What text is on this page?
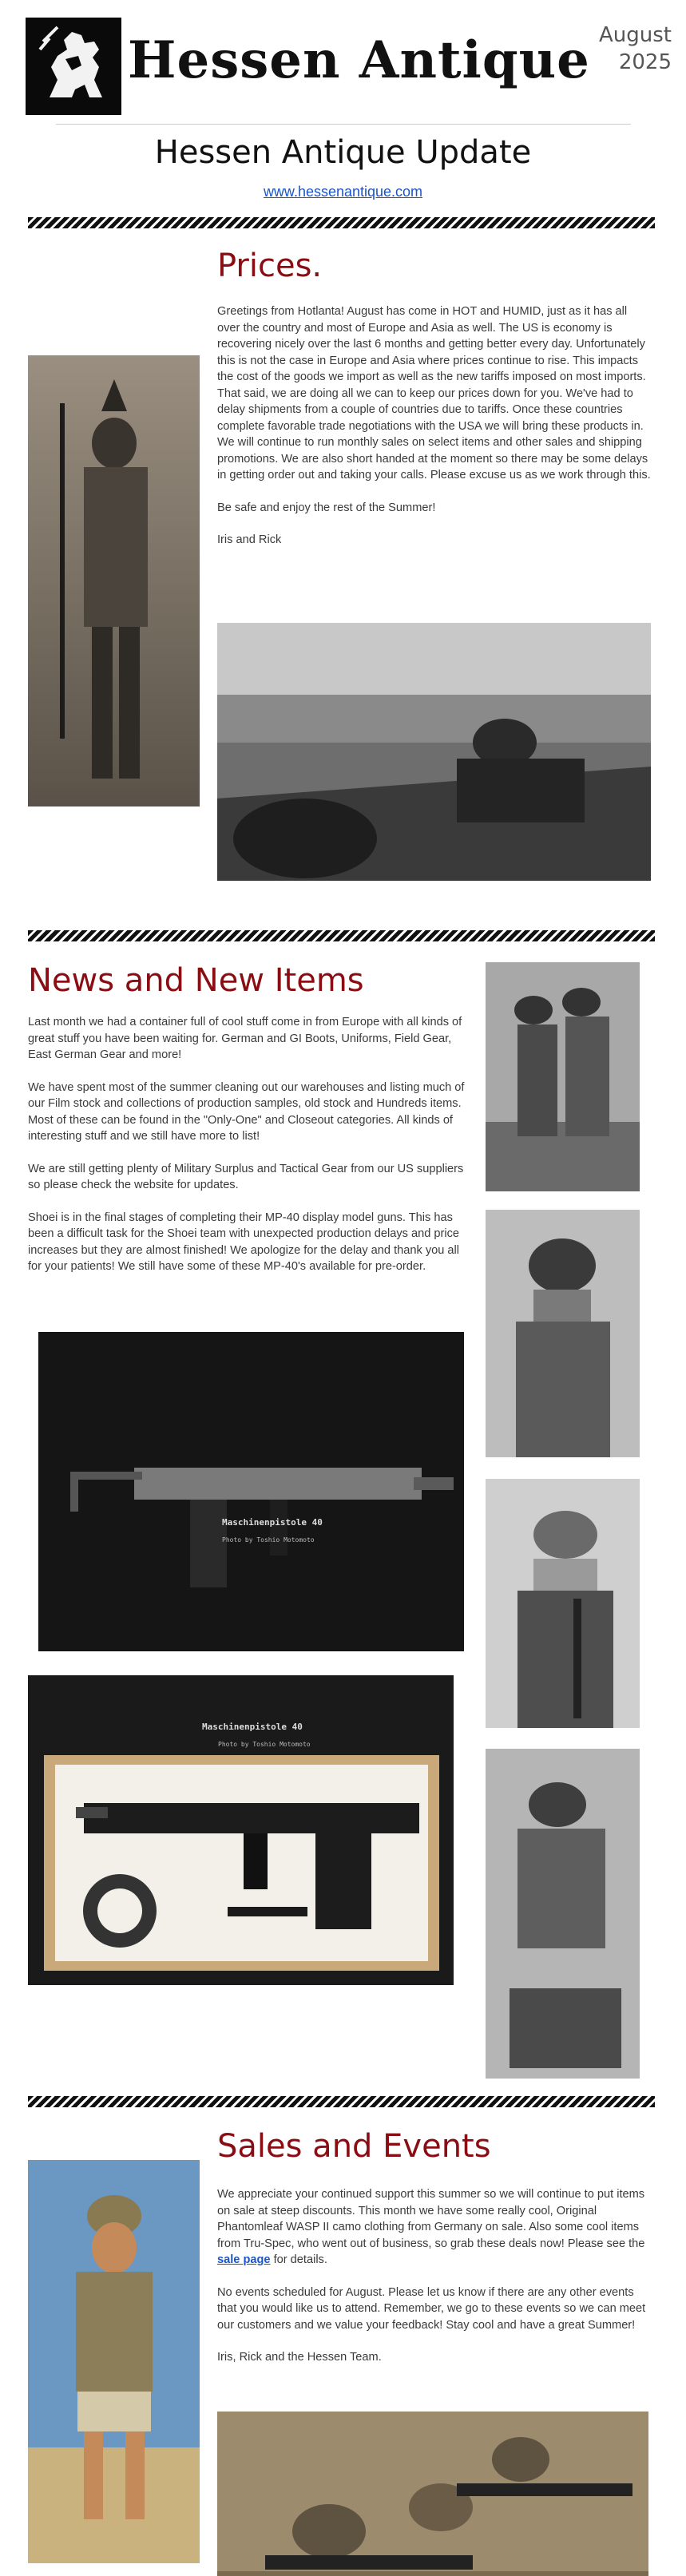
Hessen Antique August
2025
Hessen Antique Update
www.hessenantique.com
Prices.

Greetings from Hotlanta! August has come in HOT and HUMID, just as it has all over the country and most of Europe and Asia as well. The US is economy is recovering nicely over the last 6 months and getting better every day. Unfortunately this is not the case in Europe and Asia where prices continue to rise. This impacts the cost of the goods we import as well as the new tariffs imposed on most imports. That said, we are doing all we can to keep our prices down for you. We've had to delay shipments from a couple of countries due to tariffs. Once these countries complete favorable trade negotiations with the USA we will bring these products in. We will continue to run monthly sales on select items and other sales and shipping promotions. We are also short handed at the moment so there may be some delays in getting order out and taking your calls. Please excuse us as we work through this.

Be safe and enjoy the rest of the Summer!

Iris and Rick

News and New Items

Last month we had a container full of cool stuff come in from Europe with all kinds of great stuff you have been waiting for. German and GI Boots, Uniforms, Field Gear, East German Gear and more!

We have spent most of the summer cleaning out our warehouses and listing much of our Film stock and collections of production samples, old stock and Hundreds items. Most of these can be found in the "Only-One" and Closeout categories. All kinds of interesting stuff and we still have more to list!

We are still getting plenty of Military Surplus and Tactical Gear from our US suppliers so please check the website for updates.

Shoei is in the final stages of completing their MP-40 display model guns. This has been a difficult task for the Shoei team with unexpected production delays and price increases but they are almost finished! We apologize for the delay and thank you all for your patients! We still have some of these MP-40's available for pre-order.

Maschinenpistole 40
Photo by Toshio Motomoto
Maschinenpistole 40
Photo by Toshio Motomoto
Sales and Events

We appreciate your continued support this summer so we will continue to put items on sale at steep discounts. This month we have some really cool, Original Phantomleaf WASP II camo clothing from Germany on sale. Also some cool items from Tru-Spec, who went out of business, so grab these deals now! Please see the sale page for details.

No events scheduled for August. Please let us know if there are any other events that you would like us to attend. Remember, we go to these events so we can meet our customers and we value your feedback! Stay cool and have a great Summer!

Iris, Rick and the Hessen Team.
